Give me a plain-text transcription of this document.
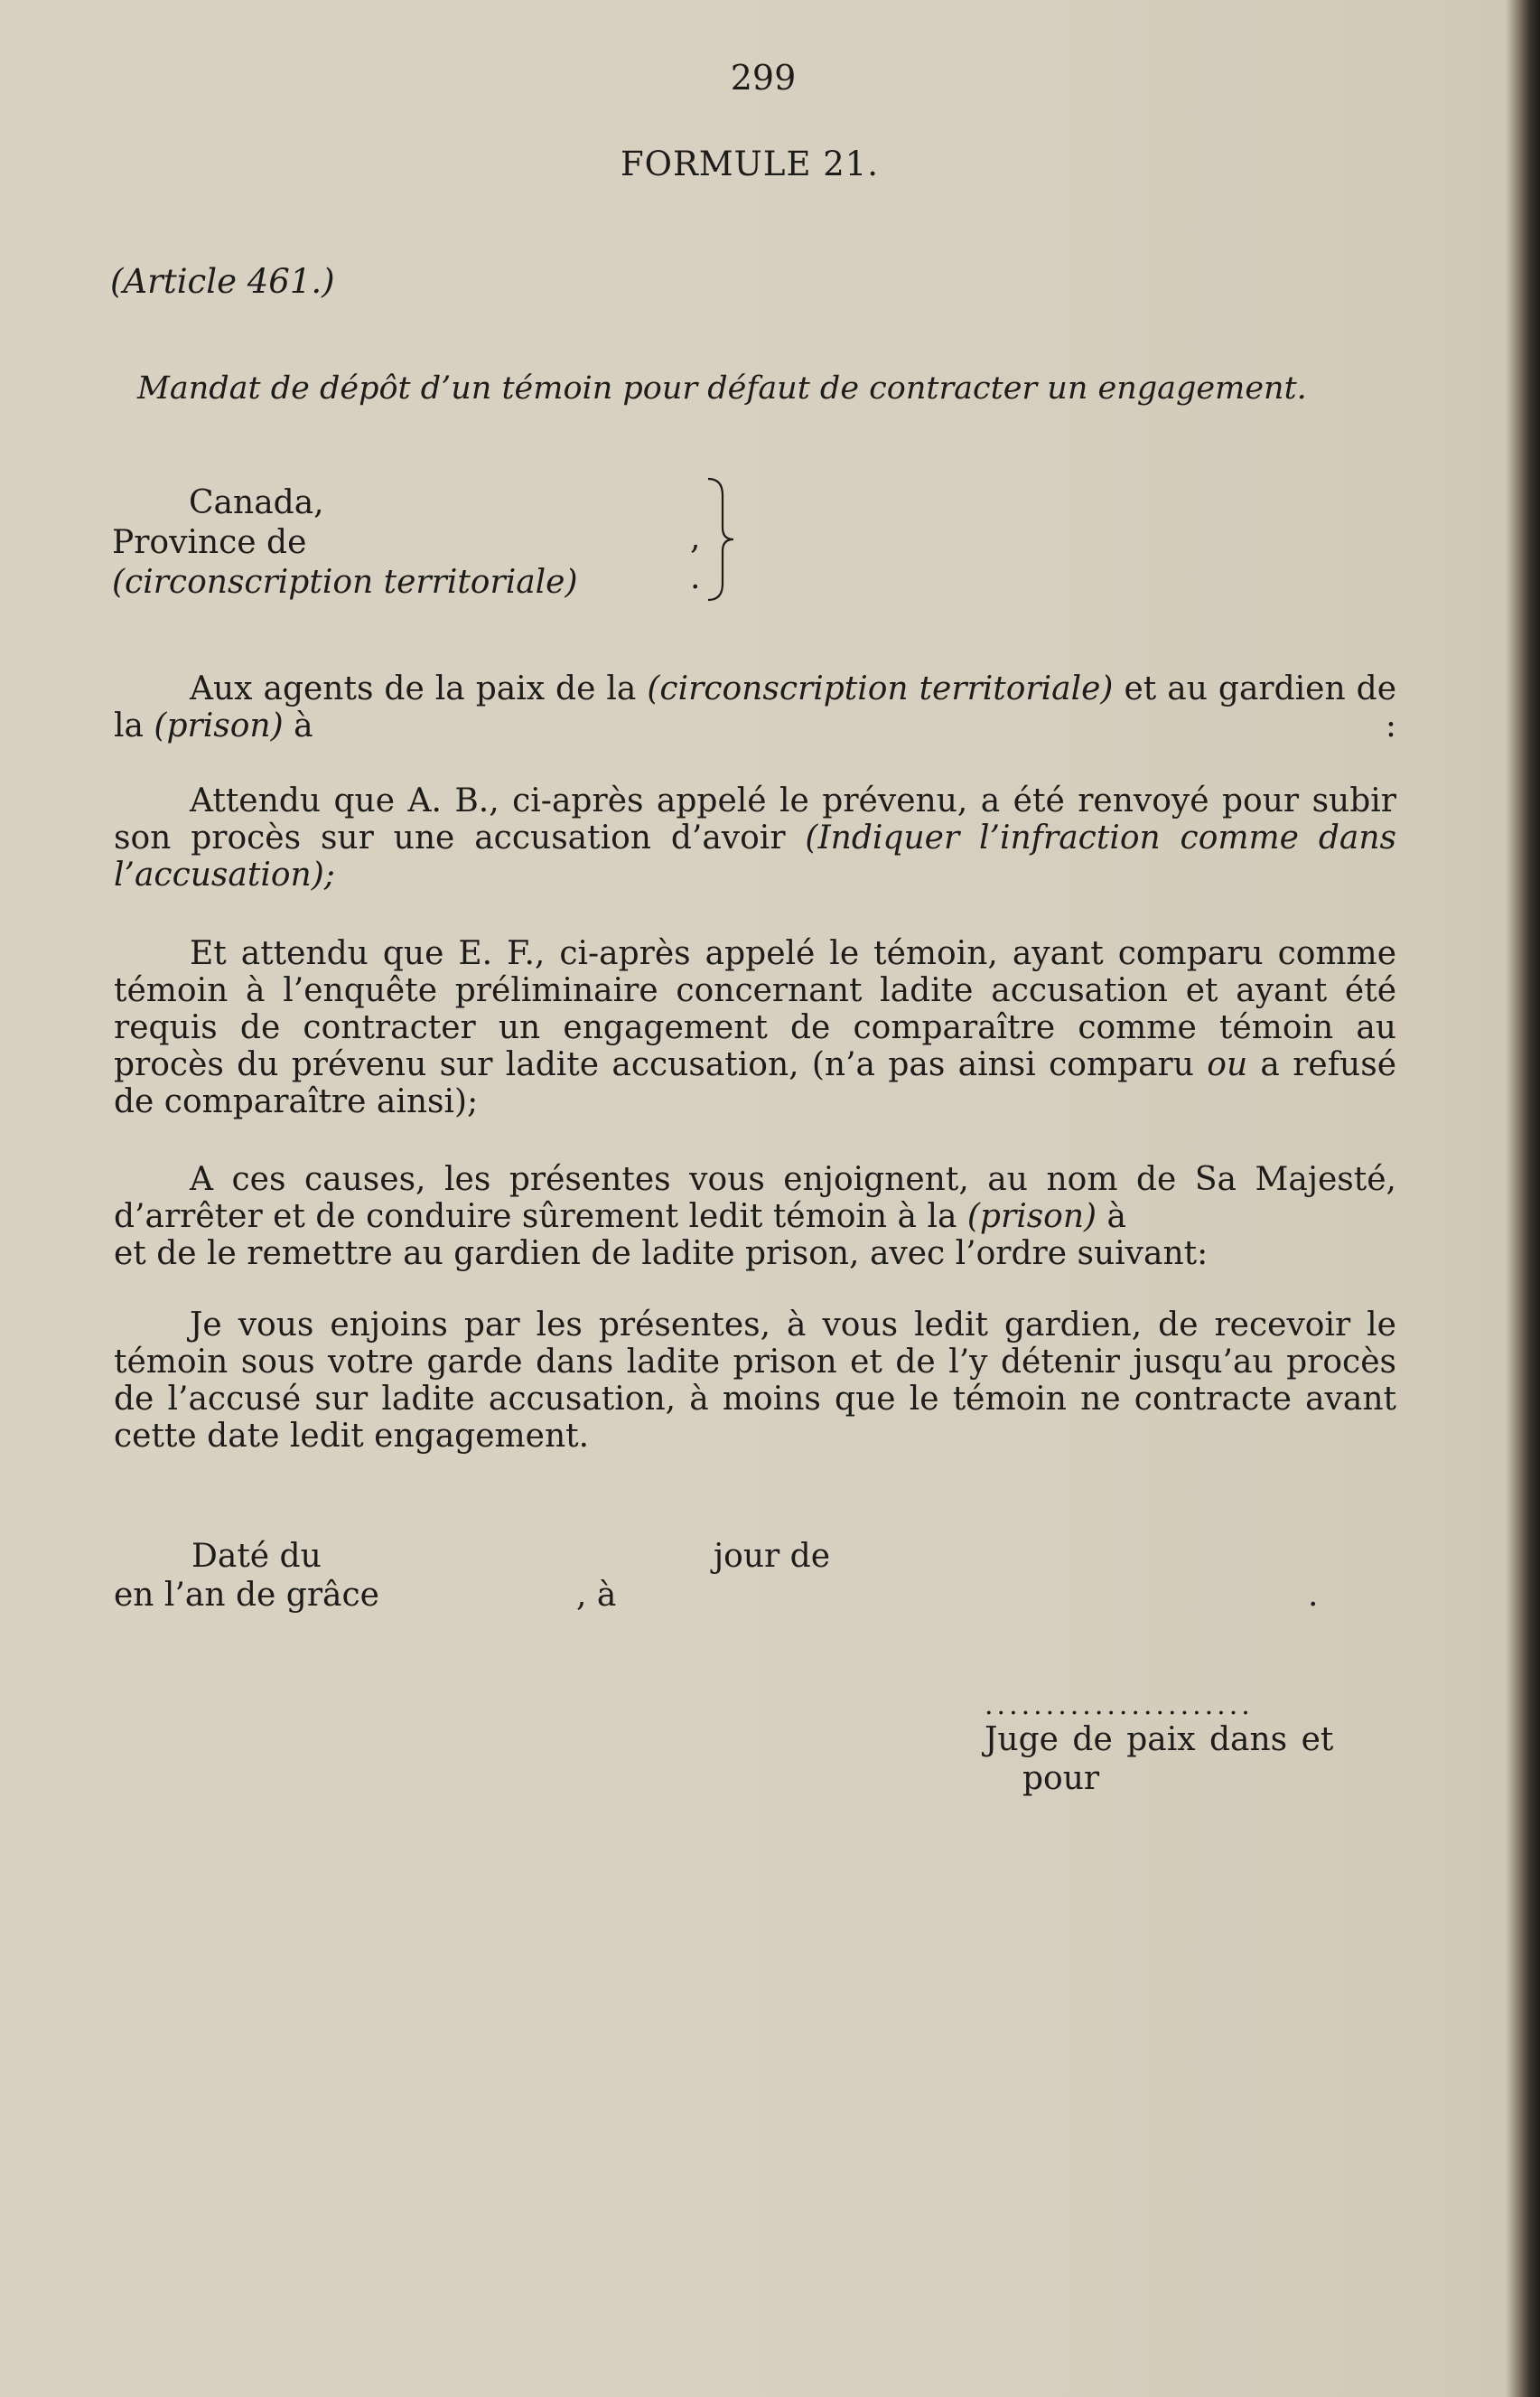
299
FORMULE 21.
(Article 461.)
Mandat de dépôt d’un témoin pour défaut de contracter un engagement.
Canada,
Province de
(circonscription territoriale)
,
.
Aux agents de la paix de la (circonscription territoriale) et au gardien de la (prison) à	:
Attendu que A. B., ci-après appelé le prévenu, a été renvoyé pour subir son procès sur une accusation d’avoir (Indiquer l’infraction comme dans l’accusation);
Et attendu que E. F., ci-après appelé le témoin, ayant comparu comme témoin à l’enquête préliminaire concernant ladite accusation et ayant été requis de contracter un engagement de comparaître comme témoin au procès du prévenu sur ladite accusation, (n’a pas ainsi comparu ou a refusé de comparaître ainsi);
A ces causes, les présentes vous enjoignent, au nom de Sa Majesté, d’arrêter et de conduire sûrement ledit témoin à la (prison) à
et de le remettre au gardien de ladite prison, avec l’ordre suivant:
Je vous enjoins par les présentes, à vous ledit gardien, de recevoir le témoin sous votre garde dans ladite prison et de l’y détenir jusqu’au procès de l’accusé sur ladite accusation, à moins que le témoin ne contracte avant cette date ledit engagement.
Daté du	jour de
en l’an de grâce	, à	.
......................
Juge de paix dans et
pour
